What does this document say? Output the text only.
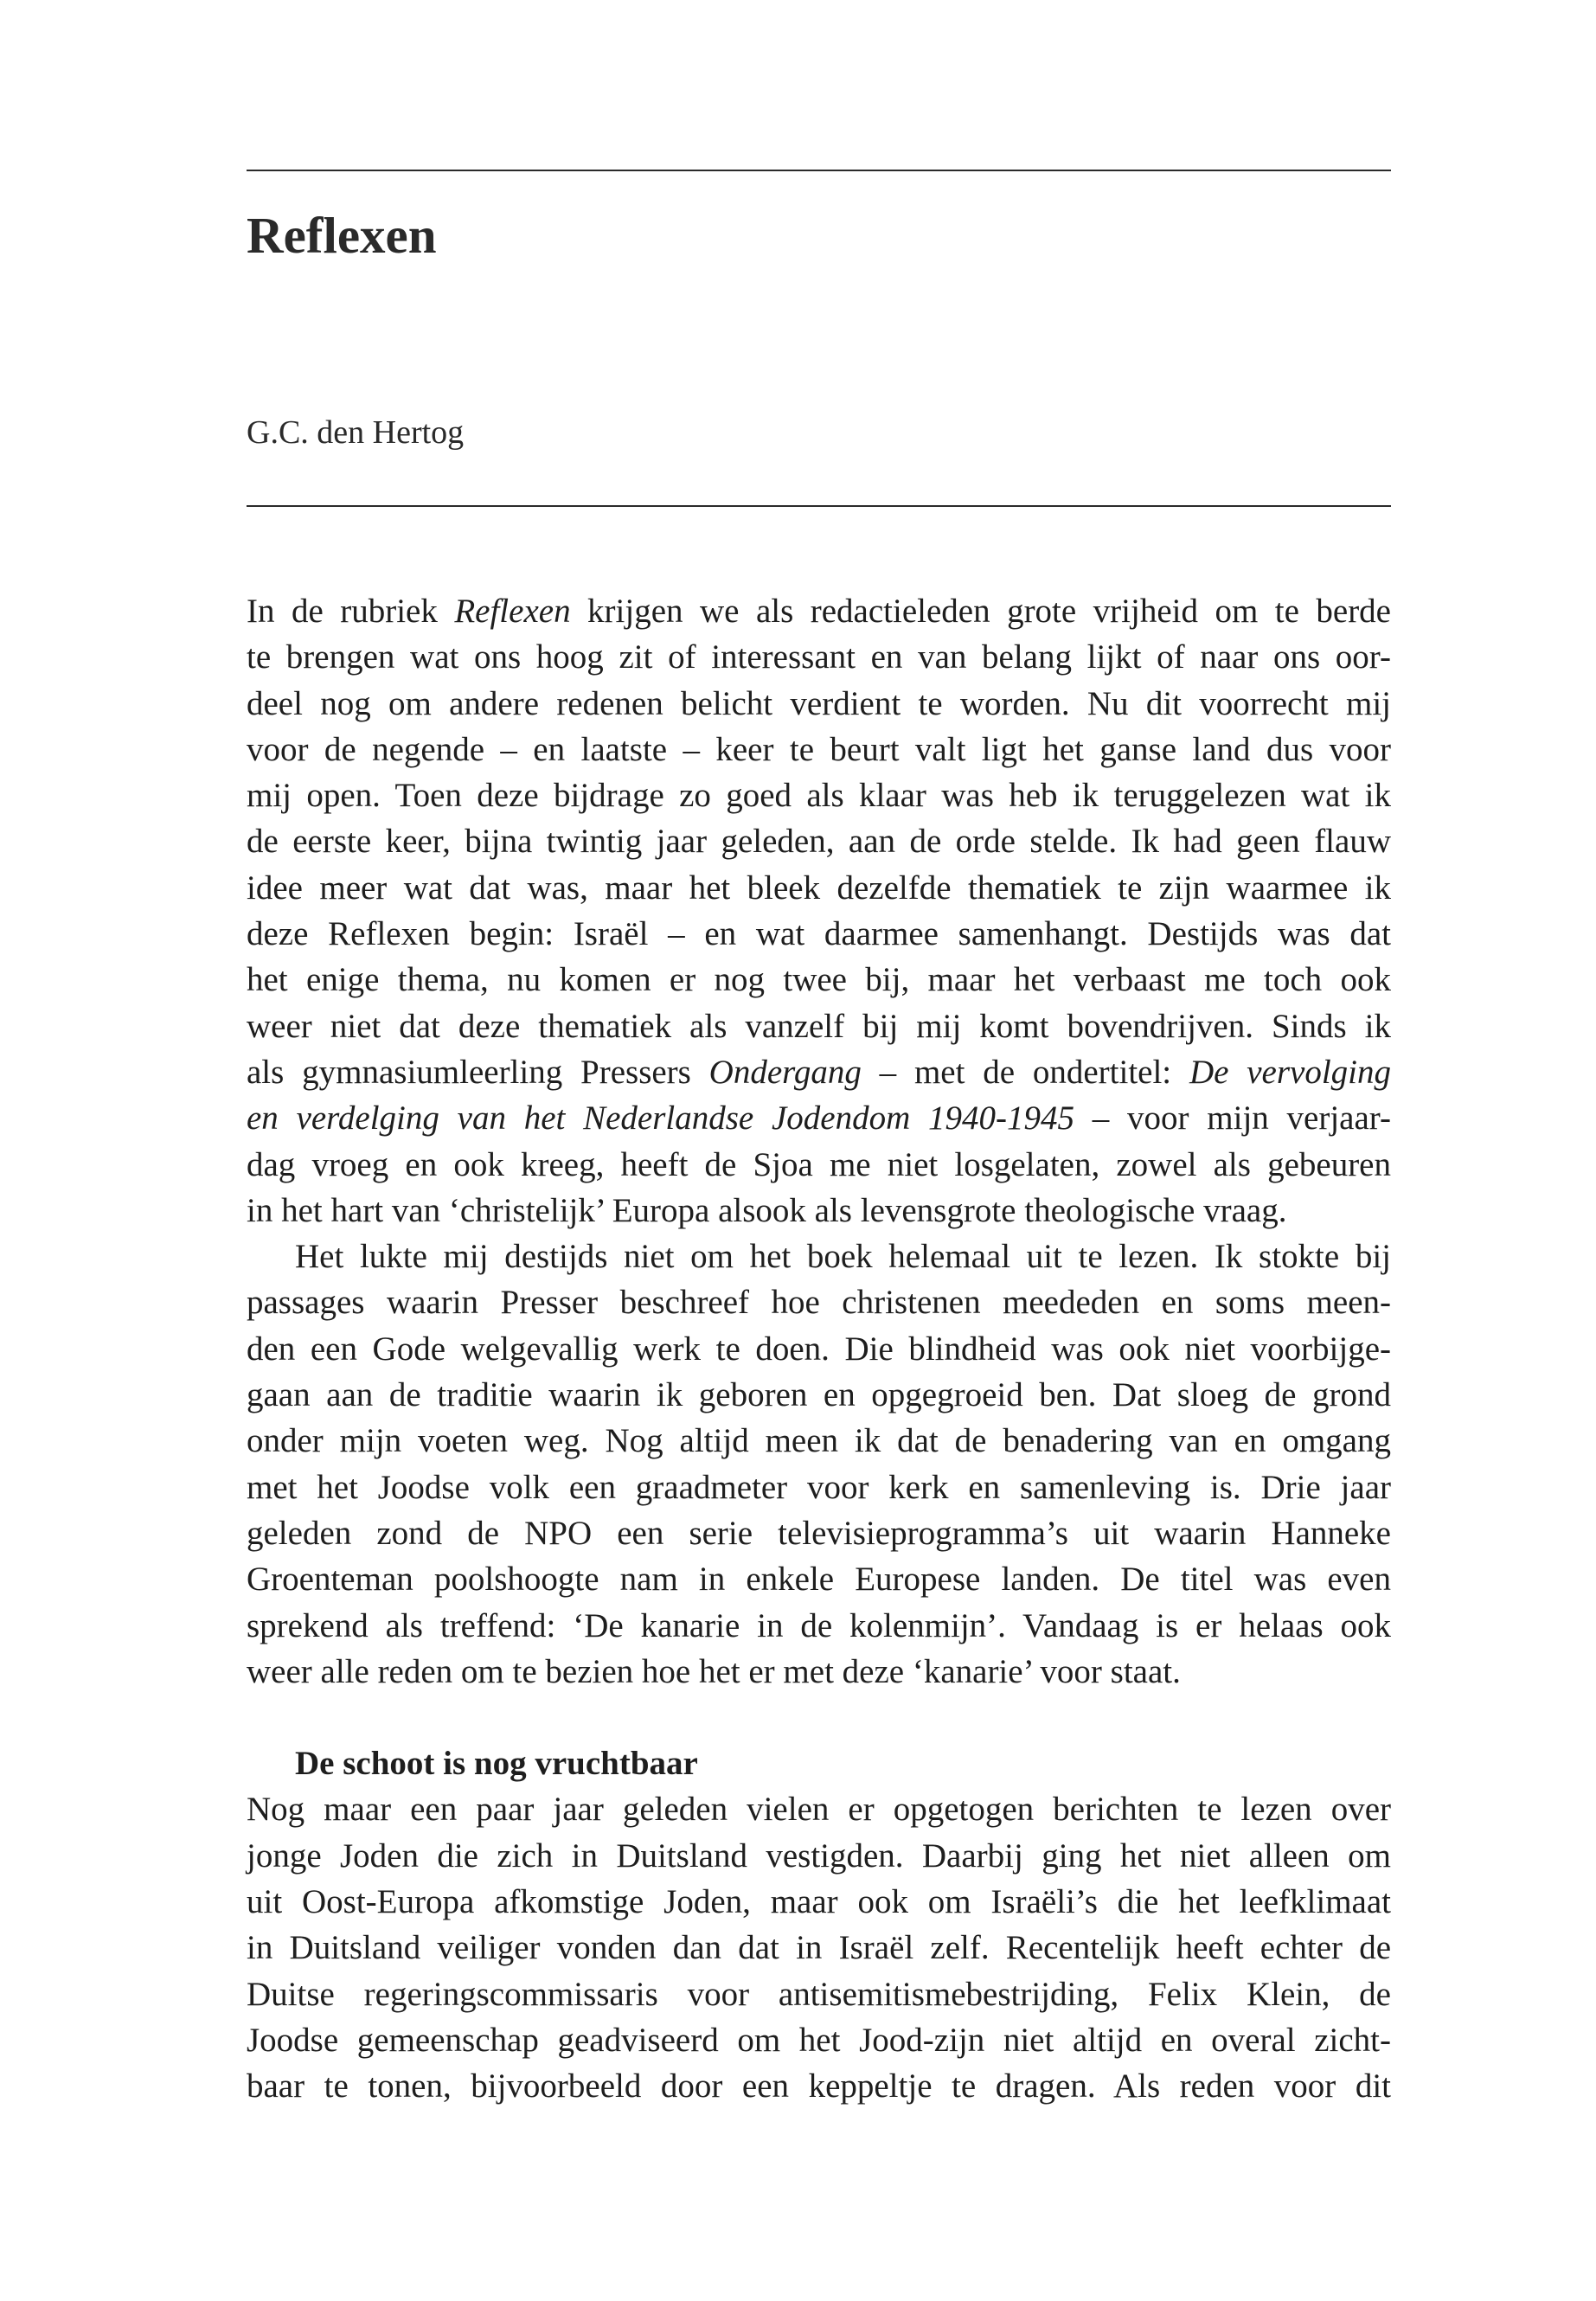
Reflexen

G.C. den Hertog

In de rubriek Reflexen krijgen we als redactieleden grote vrijheid om te berde
te brengen wat ons hoog zit of interessant en van belang lijkt of naar ons oor-
deel nog om andere redenen belicht verdient te worden. Nu dit voorrecht mij
voor de negende – en laatste – keer te beurt valt ligt het ganse land dus voor
mij open. Toen deze bijdrage zo goed als klaar was heb ik teruggelezen wat ik
de eerste keer, bijna twintig jaar geleden, aan de orde stelde. Ik had geen flauw
idee meer wat dat was, maar het bleek dezelfde thematiek te zijn waarmee ik
deze Reflexen begin: Israël – en wat daarmee samenhangt. Destijds was dat
het enige thema, nu komen er nog twee bij, maar het verbaast me toch ook
weer niet dat deze thematiek als vanzelf bij mij komt bovendrijven. Sinds ik
als gymnasiumleerling Pressers Ondergang – met de ondertitel: De vervolging
en verdelging van het Nederlandse Jodendom 1940-1945 – voor mijn verjaar-
dag vroeg en ook kreeg, heeft de Sjoa me niet losgelaten, zowel als gebeuren
in het hart van ‘christelijk’ Europa alsook als levensgrote theologische vraag.
Het lukte mij destijds niet om het boek helemaal uit te lezen. Ik stokte bij
passages waarin Presser beschreef hoe christenen meededen en soms meen-
den een Gode welgevallig werk te doen. Die blindheid was ook niet voorbijge-
gaan aan de traditie waarin ik geboren en opgegroeid ben. Dat sloeg de grond
onder mijn voeten weg. Nog altijd meen ik dat de benadering van en omgang
met het Joodse volk een graadmeter voor kerk en samenleving is. Drie jaar
geleden zond de NPO een serie televisieprogramma’s uit waarin Hanneke
Groenteman poolshoogte nam in enkele Europese landen. De titel was even
sprekend als treffend: ‘De kanarie in de kolenmijn’. Vandaag is er helaas ook
weer alle reden om te bezien hoe het er met deze ‘kanarie’ voor staat.
De schoot is nog vruchtbaar
Nog maar een paar jaar geleden vielen er opgetogen berichten te lezen over
jonge Joden die zich in Duitsland vestigden. Daarbij ging het niet alleen om
uit Oost-Europa afkomstige Joden, maar ook om Israëli’s die het leefklimaat
in Duitsland veiliger vonden dan dat in Israël zelf. Recentelijk heeft echter de
Duitse regeringscommissaris voor antisemitismebestrijding, Felix Klein, de
Joodse gemeenschap geadviseerd om het Jood-zijn niet altijd en overal zicht-
baar te tonen, bijvoorbeeld door een keppeltje te dragen. Als reden voor dit
